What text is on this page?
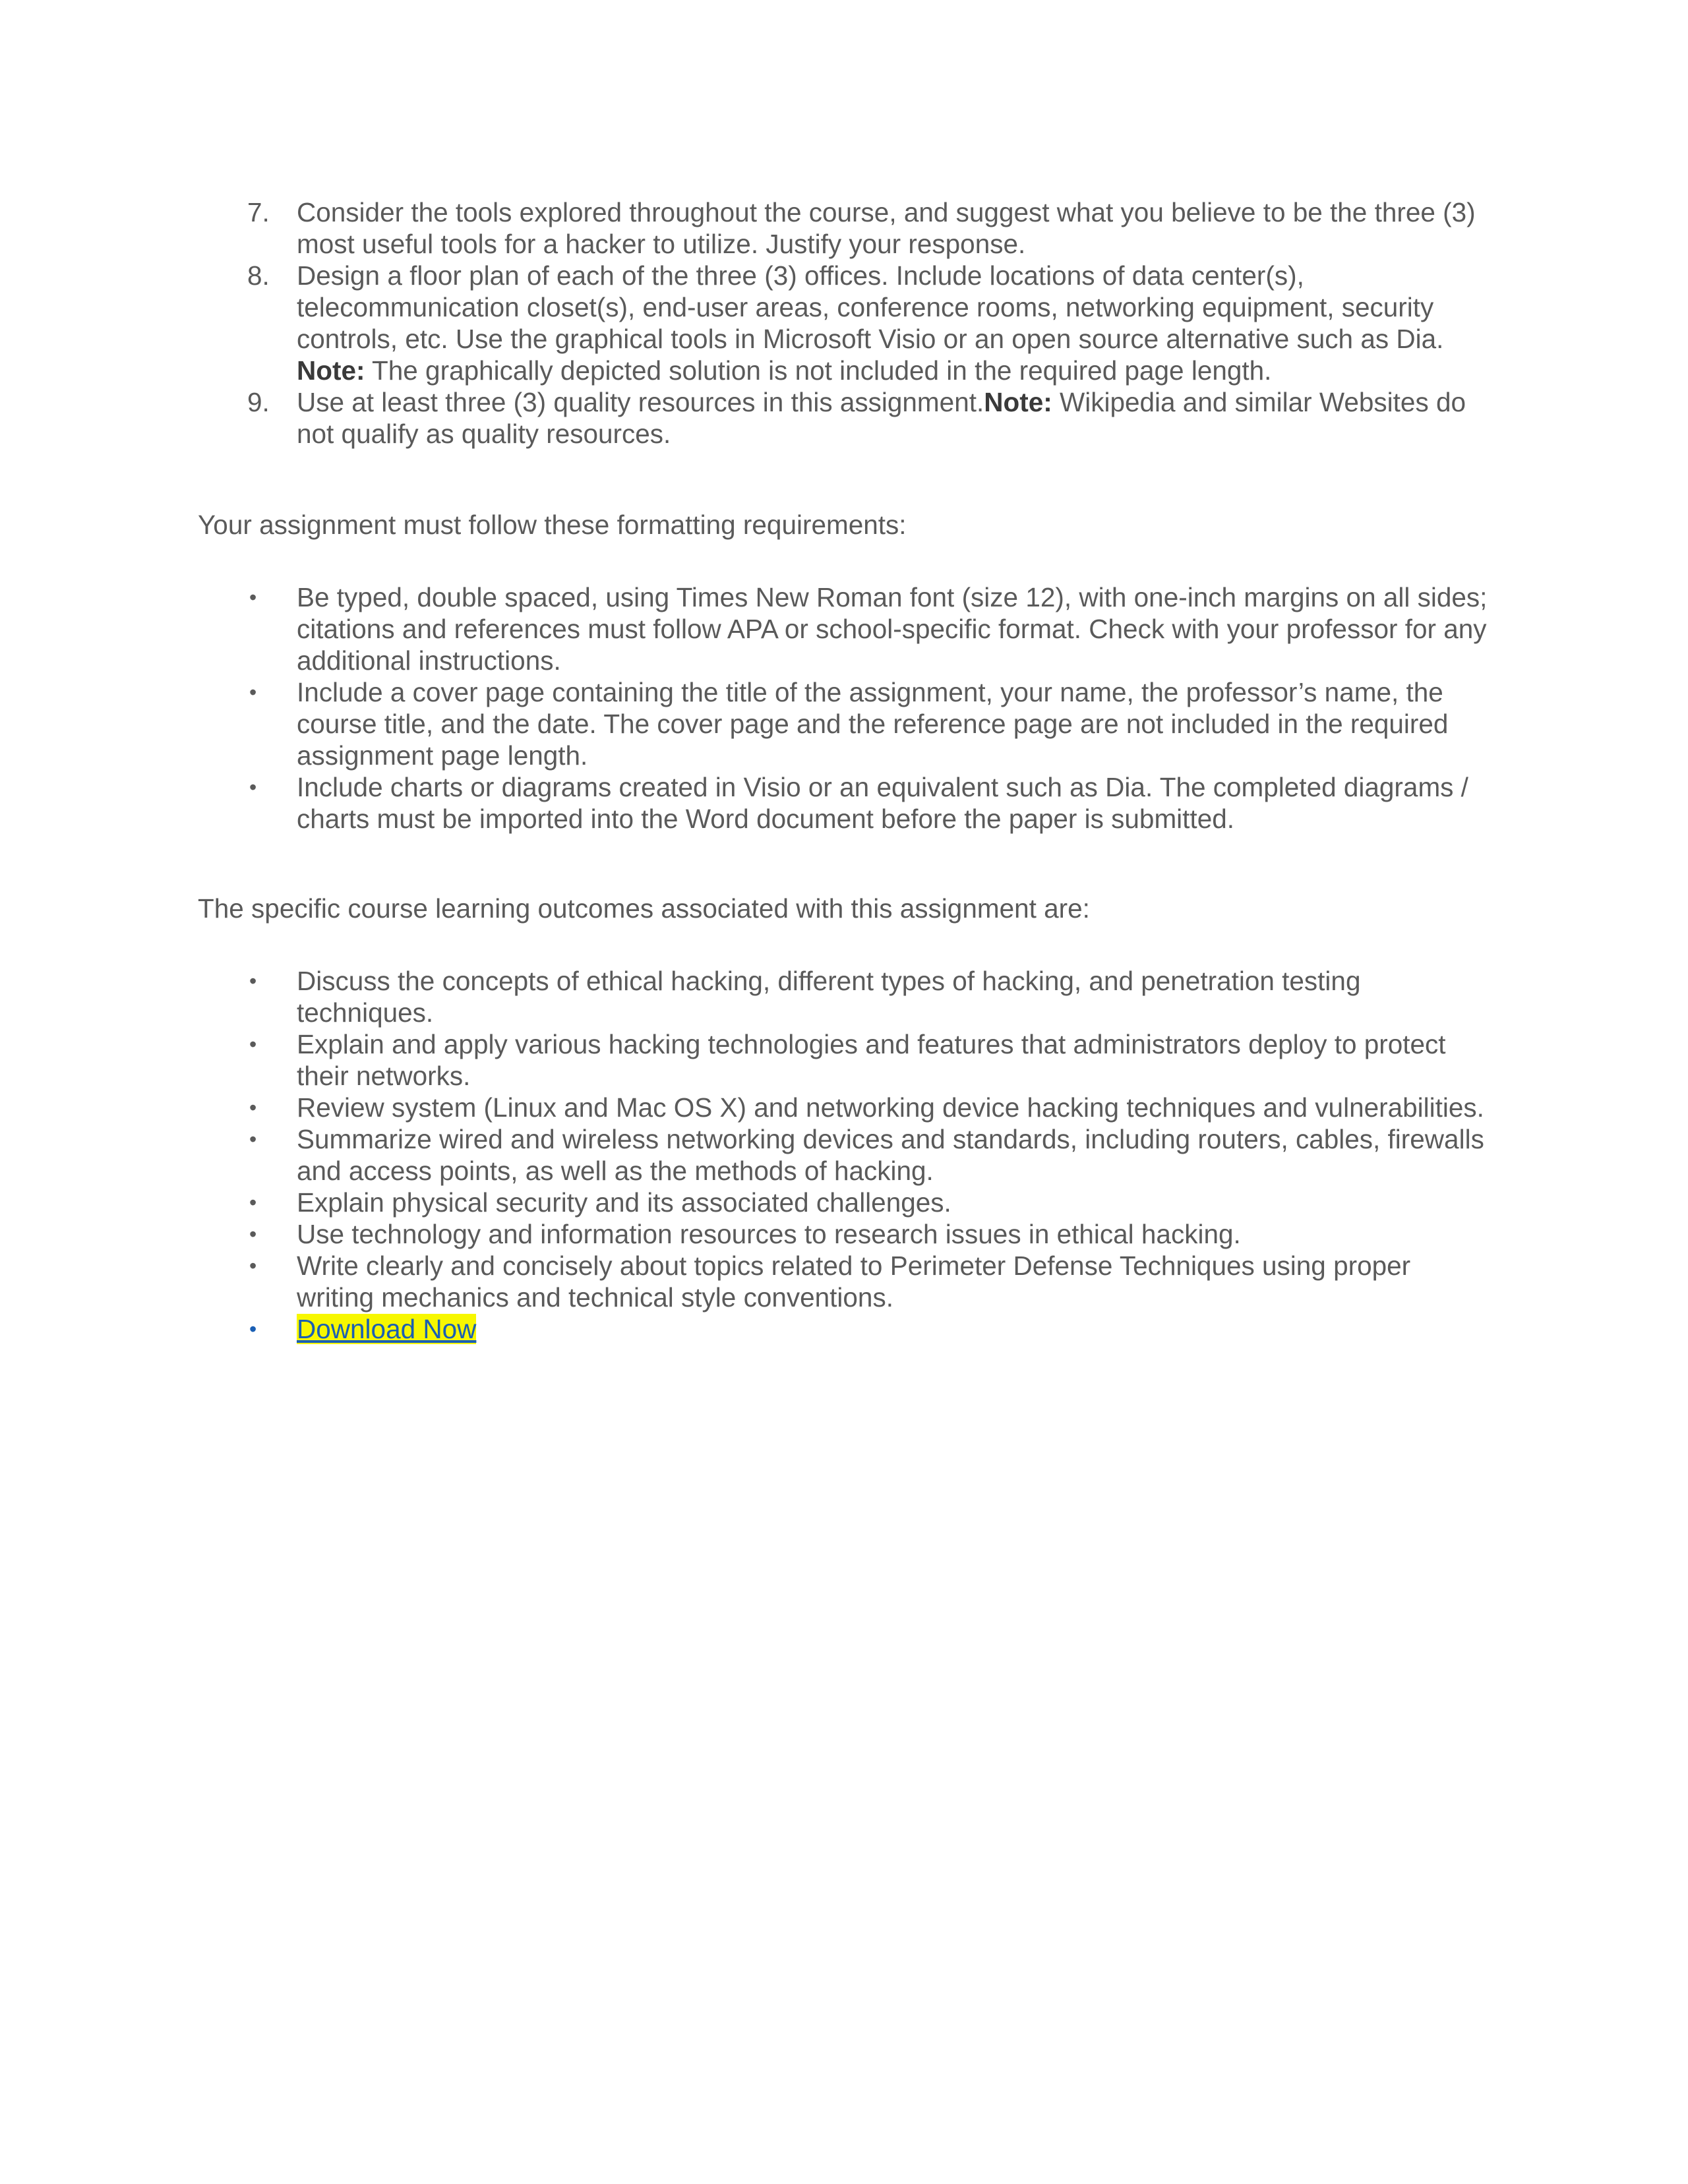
7. Consider the tools explored throughout the course, and suggest what you believe to be the three (3) most useful tools for a hacker to utilize. Justify your response.
8. Design a floor plan of each of the three (3) offices. Include locations of data center(s), telecommunication closet(s), end-user areas, conference rooms, networking equipment, security controls, etc. Use the graphical tools in Microsoft Visio or an open source alternative such as Dia. Note: The graphically depicted solution is not included in the required page length.
9. Use at least three (3) quality resources in this assignment.Note: Wikipedia and similar Websites do not qualify as quality resources.

Your assignment must follow these formatting requirements:

• Be typed, double spaced, using Times New Roman font (size 12), with one-inch margins on all sides; citations and references must follow APA or school-specific format. Check with your professor for any additional instructions.
• Include a cover page containing the title of the assignment, your name, the professor’s name, the course title, and the date. The cover page and the reference page are not included in the required assignment page length.
• Include charts or diagrams created in Visio or an equivalent such as Dia. The completed diagrams / charts must be imported into the Word document before the paper is submitted.

The specific course learning outcomes associated with this assignment are:

• Discuss the concepts of ethical hacking, different types of hacking, and penetration testing techniques.
• Explain and apply various hacking technologies and features that administrators deploy to protect their networks.
• Review system (Linux and Mac OS X) and networking device hacking techniques and vulnerabilities.
• Summarize wired and wireless networking devices and standards, including routers, cables, firewalls and access points, as well as the methods of hacking.
• Explain physical security and its associated challenges.
• Use technology and information resources to research issues in ethical hacking.
• Write clearly and concisely about topics related to Perimeter Defense Techniques using proper writing mechanics and technical style conventions.
• Download Now
